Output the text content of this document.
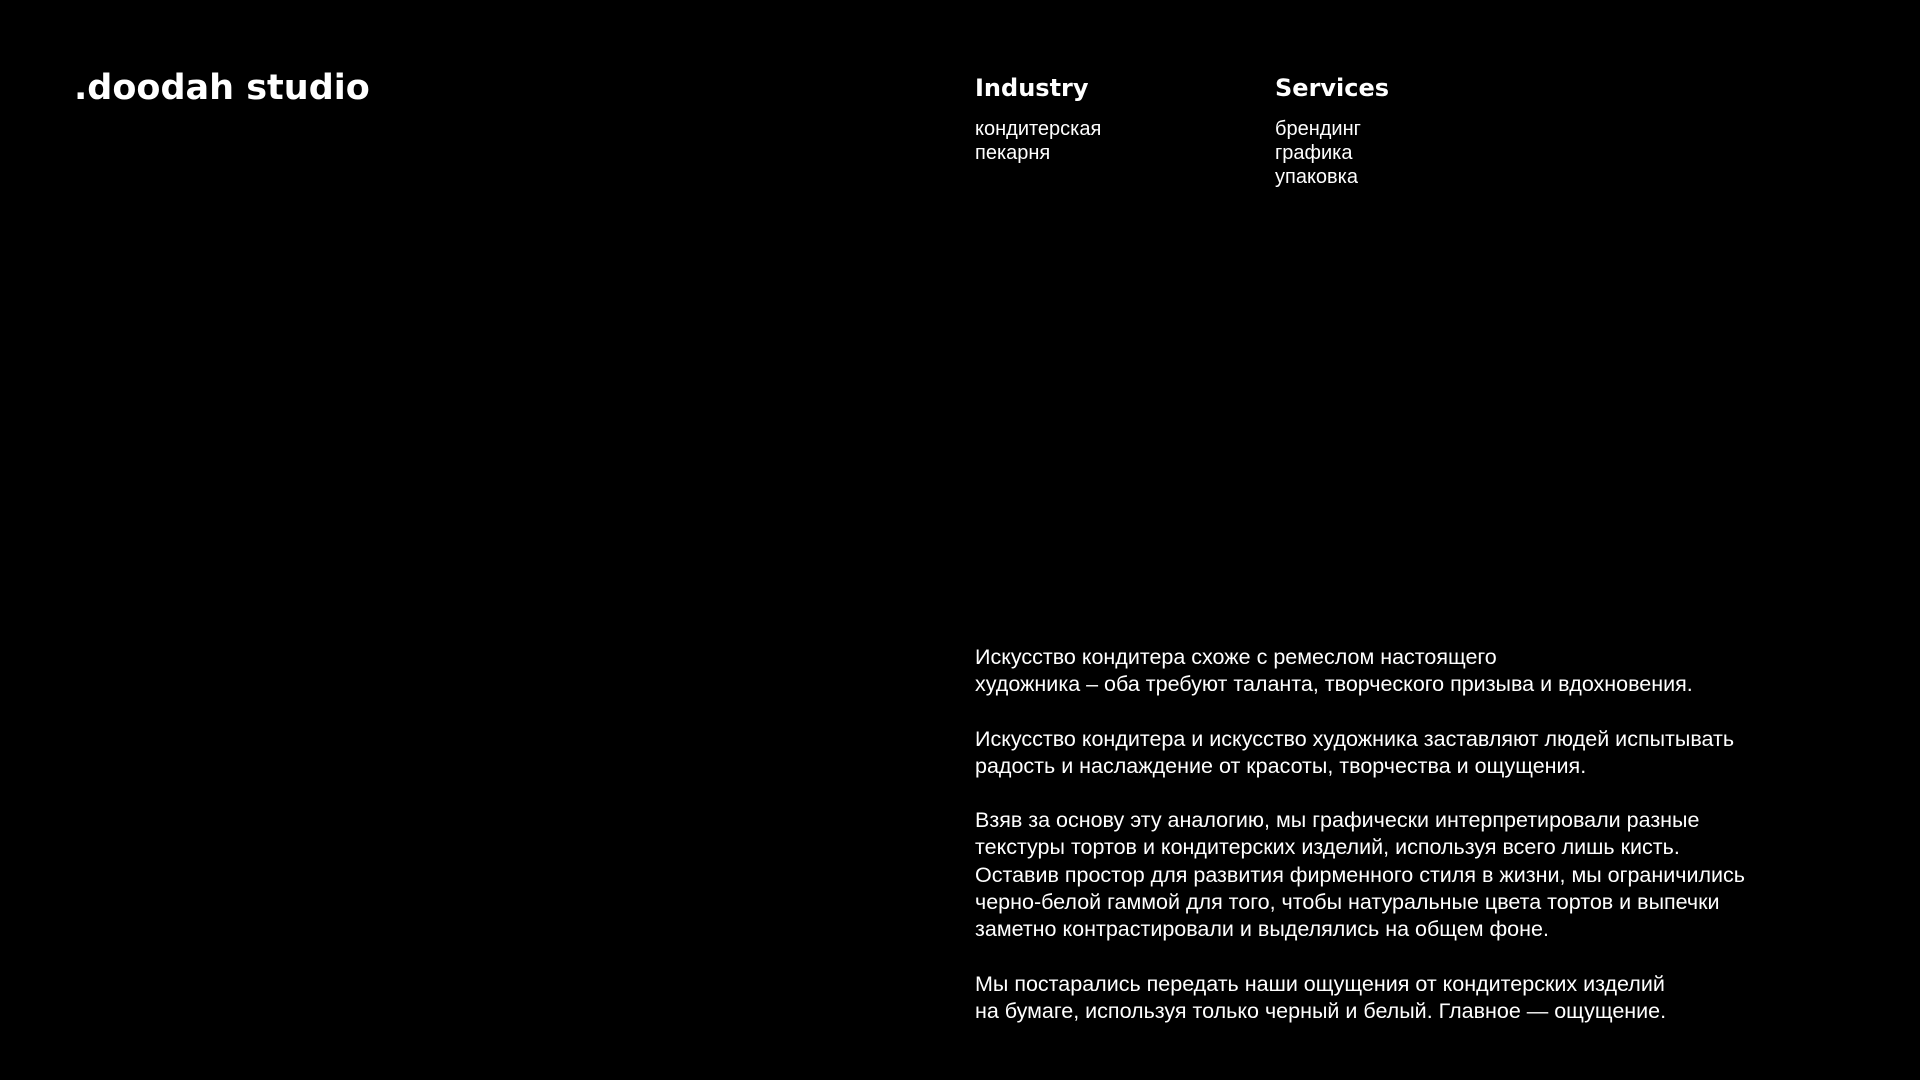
.doodah studio	Industry
кондитерская
пекарня
Services
брендинг
графика
упаковка

Искусство кондитера схоже с ремеслом настоящего
художника – оба требуют таланта, творческого призыва и вдохновения.

Искусство кондитера и искусство художника заставляют людей испытывать
радость и наслаждение от красоты, творчества и ощущения.

Взяв за основу эту аналогию, мы графически интерпретировали разные
текстуры тортов и кондитерских изделий, используя всего лишь кисть.
Оставив простор для развития фирменного стиля в жизни, мы ограничились
черно-белой гаммой для того, чтобы натуральные цвета тортов и выпечки
заметно контрастировали и выделялись на общем фоне.

Мы постарались передать наши ощущения от кондитерских изделий
на бумаге, используя только черный и белый. Главное — ощущение.
